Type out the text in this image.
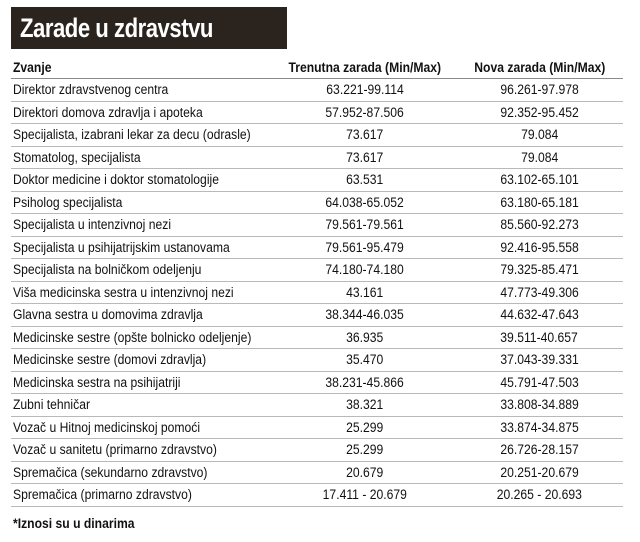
Zarade u zdravstvu
Zvanje	Trenutna zarada (Min/Max)	Nova zarada (Min/Max)
Direktor zdravstvenog centra	63.221-99.114	96.261-97.978
Direktori domova zdravlja i apoteka	57.952-87.506	92.352-95.452
Specijalista, izabrani lekar za decu (odrasle)	73.617	79.084
Stomatolog, specijalista	73.617	79.084
Doktor medicine i doktor stomatologije	63.531	63.102-65.101
Psiholog specijalista	64.038-65.052	63.180-65.181
Specijalista u intenzivnoj nezi	79.561-79.561	85.560-92.273
Specijalista u psihijatrijskim ustanovama	79.561-95.479	92.416-95.558
Specijalista na bolničkom odeljenju	74.180-74.180	79.325-85.471
Viša medicinska sestra u intenzivnoj nezi	43.161	47.773-49.306
Glavna sestra u domovima zdravlja	38.344-46.035	44.632-47.643
Medicinske sestre (opšte bolnicko odeljenje)	36.935	39.511-40.657
Medicinske sestre (domovi zdravlja)	35.470	37.043-39.331
Medicinska sestra na psihijatriji	38.231-45.866	45.791-47.503
Zubni tehničar	38.321	33.808-34.889
Vozač u Hitnoj medicinskoj pomoći	25.299	33.874-34.875
Vozač u sanitetu (primarno zdravstvo)	25.299	26.726-28.157
Spremačica (sekundarno zdravstvo)	20.679	20.251-20.679
Spremačica (primarno zdravstvo)	17.411 - 20.679	20.265 - 20.693
*Iznosi su u dinarima
